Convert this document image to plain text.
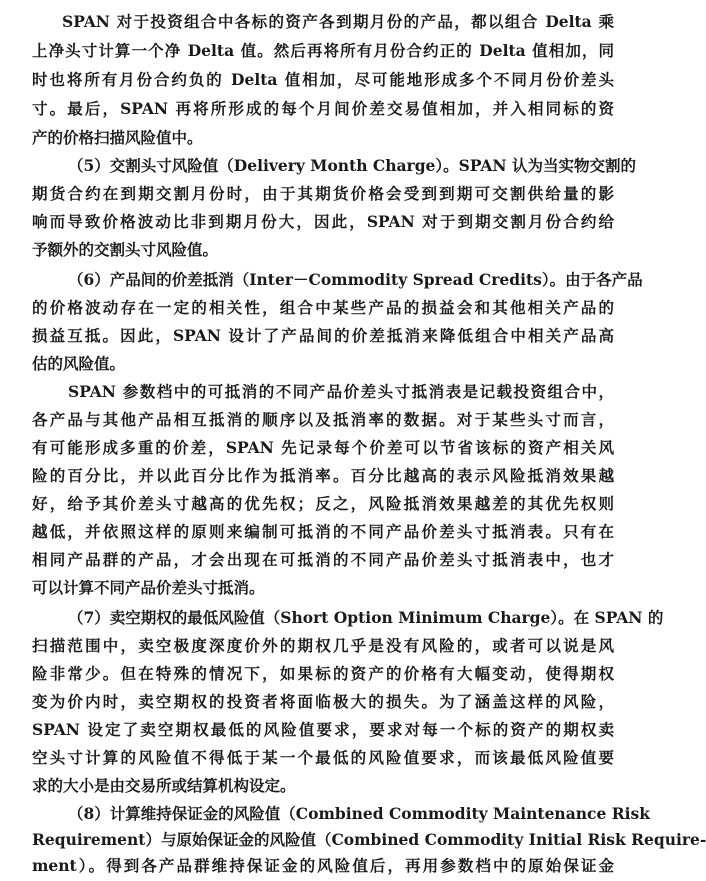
SPAN 对于投资组合中各标的资产各到期月份的产品，都以组合 Delta 乘
上净头寸计算一个净 Delta 值。然后再将所有月份合约正的 Delta 值相加，同
时也将所有月份合约负的 Delta 值相加，尽可能地形成多个不同月份价差头
寸。最后，SPAN 再将所形成的每个月间价差交易值相加，并入相同标的资
产的价格扫描风险值中。
（5）交割头寸风险值（Delivery Month Charge）。SPAN 认为当实物交割的
期货合约在到期交割月份时，由于其期货价格会受到到期可交割供给量的影
响而导致价格波动比非到期月份大，因此，SPAN 对于到期交割月份合约给
予额外的交割头寸风险值。
（6）产品间的价差抵消（Inter－Commodity Spread Credits）。由于各产品
的价格波动存在一定的相关性，组合中某些产品的损益会和其他相关产品的
损益互抵。因此，SPAN 设计了产品间的价差抵消来降低组合中相关产品高
估的风险值。
SPAN 参数档中的可抵消的不同产品价差头寸抵消表是记载投资组合中，
各产品与其他产品相互抵消的顺序以及抵消率的数据。对于某些头寸而言，
有可能形成多重的价差，SPAN 先记录每个价差可以节省该标的资产相关风
险的百分比，并以此百分比作为抵消率。百分比越高的表示风险抵消效果越
好，给予其价差头寸越高的优先权；反之，风险抵消效果越差的其优先权则
越低，并依照这样的原则来编制可抵消的不同产品价差头寸抵消表。只有在
相同产品群的产品，才会出现在可抵消的不同产品价差头寸抵消表中，也才
可以计算不同产品价差头寸抵消。
（7）卖空期权的最低风险值（Short Option Minimum Charge）。在 SPAN 的
扫描范围中，卖空极度深度价外的期权几乎是没有风险的，或者可以说是风
险非常少。但在特殊的情况下，如果标的资产的价格有大幅变动，使得期权
变为价内时，卖空期权的投资者将面临极大的损失。为了涵盖这样的风险，
SPAN 设定了卖空期权最低的风险值要求，要求对每一个标的资产的期权卖
空头寸计算的风险值不得低于某一个最低的风险值要求，而该最低风险值要
求的大小是由交易所或结算机构设定。
（8）计算维持保证金的风险值（Combined Commodity Maintenance Risk
Requirement）与原始保证金的风险值（Combined Commodity Initial Risk Require-
ment）。得到各产品群维持保证金的风险值后，再用参数档中的原始保证金
